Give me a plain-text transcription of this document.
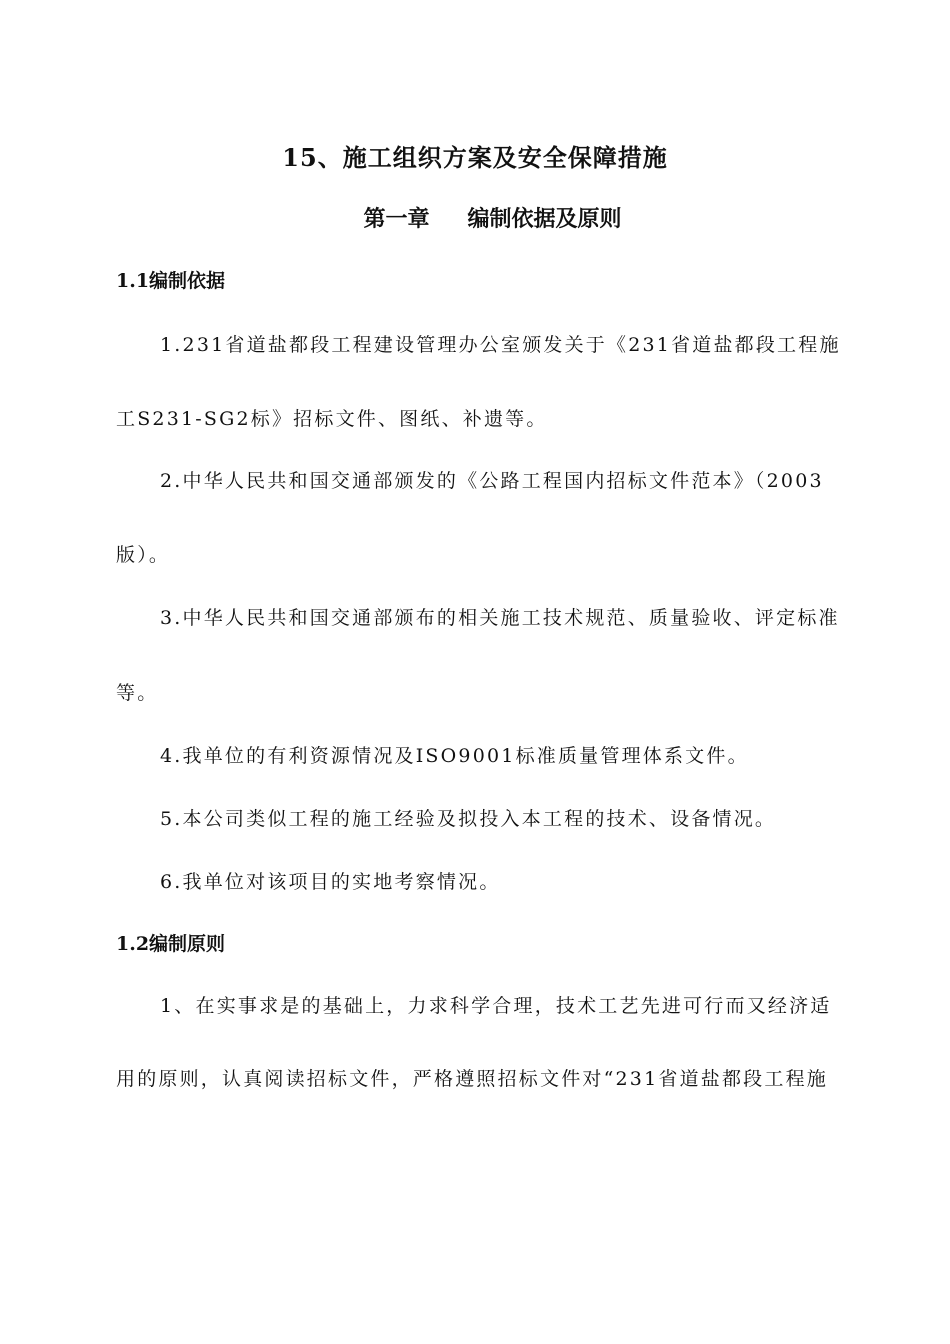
15、施工组织方案及安全保障措施
第一章 编制依据及原则
1.1编制依据

1.231省道盐都段工程建设管理办公室颁发关于《231省道盐都段工程施

工S231-SG2标》招标文件、图纸、补遗等。

2.中华人民共和国交通部颁发的《公路工程国内招标文件范本》（2003

版）。

3.中华人民共和国交通部颁布的相关施工技术规范、质量验收、评定标准

等。

4.我单位的有利资源情况及ISO9001标准质量管理体系文件。

5.本公司类似工程的施工经验及拟投入本工程的技术、设备情况。

6.我单位对该项目的实地考察情况。

1.2编制原则

1、在实事求是的基础上，力求科学合理，技术工艺先进可行而又经济适

用的原则，认真阅读招标文件，严格遵照招标文件对“231省道盐都段工程施
